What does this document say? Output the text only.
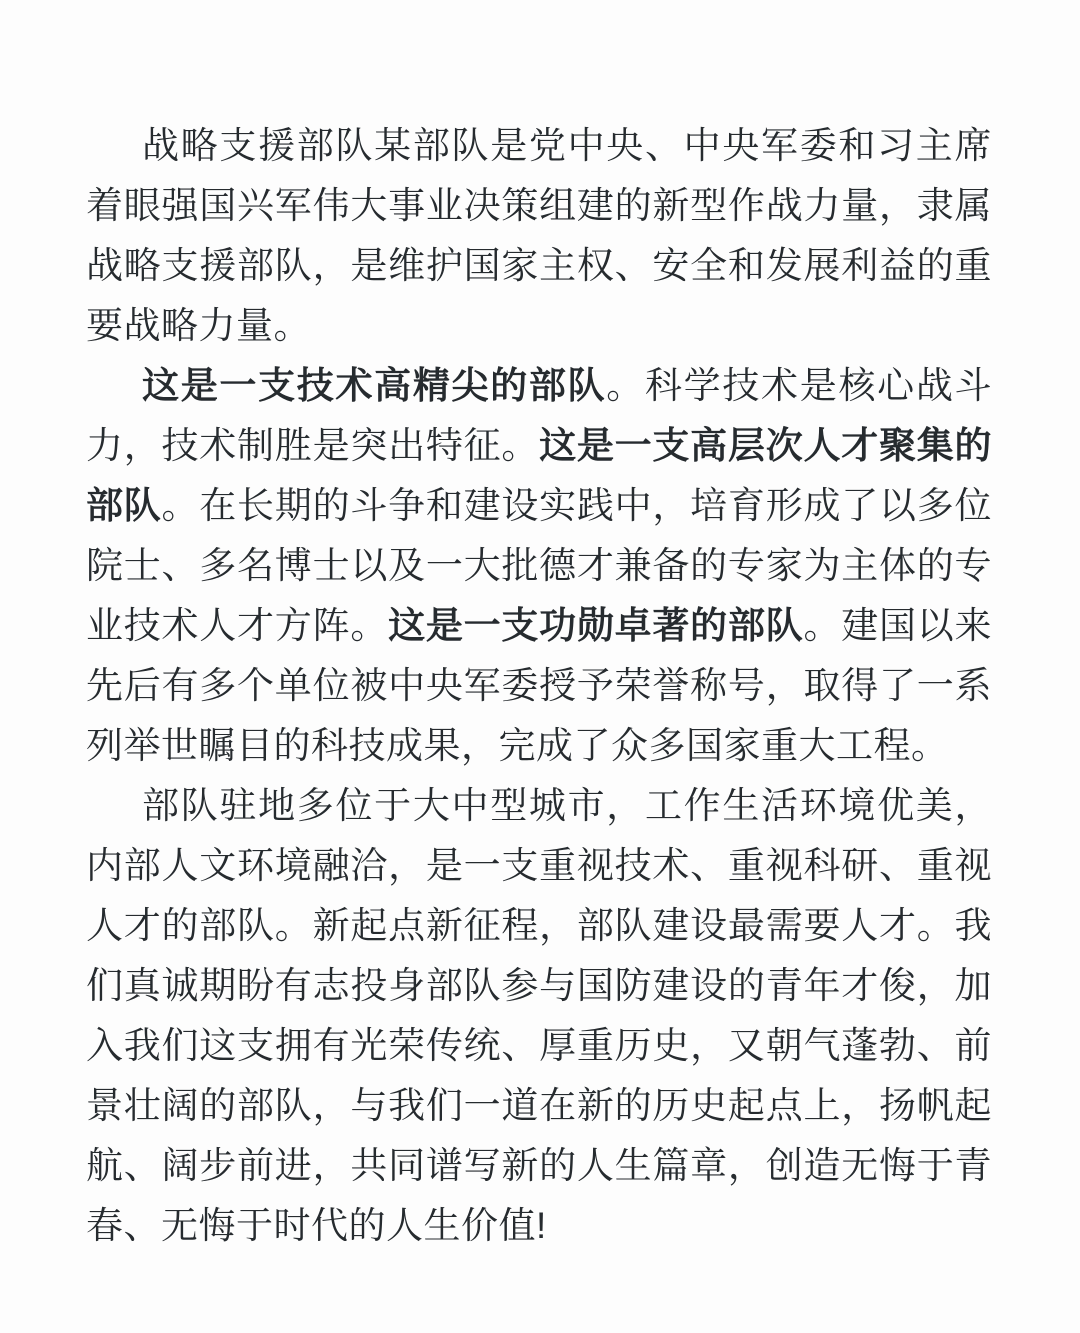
战略支援部队某部队是党中央、中央军委和习主席着眼强国兴军伟大事业决策组建的新型作战力量，隶属战略支援部队，是维护国家主权、安全和发展利益的重要战略力量。

这是一支技术高精尖的部队。科学技术是核心战斗力，技术制胜是突出特征。这是一支高层次人才聚集的部队。在长期的斗争和建设实践中，培育形成了以多位院士、多名博士以及一大批德才兼备的专家为主体的专业技术人才方阵。这是一支功勋卓著的部队。建国以来先后有多个单位被中央军委授予荣誉称号，取得了一系列举世瞩目的科技成果，完成了众多国家重大工程。

部队驻地多位于大中型城市，工作生活环境优美，内部人文环境融洽，是一支重视技术、重视科研、重视人才的部队。新起点新征程，部队建设最需要人才。我们真诚期盼有志投身部队参与国防建设的青年才俊，加入我们这支拥有光荣传统、厚重历史，又朝气蓬勃、前景壮阔的部队，与我们一道在新的历史起点上，扬帆起航、阔步前进，共同谱写新的人生篇章，创造无悔于青春、无悔于时代的人生价值!
